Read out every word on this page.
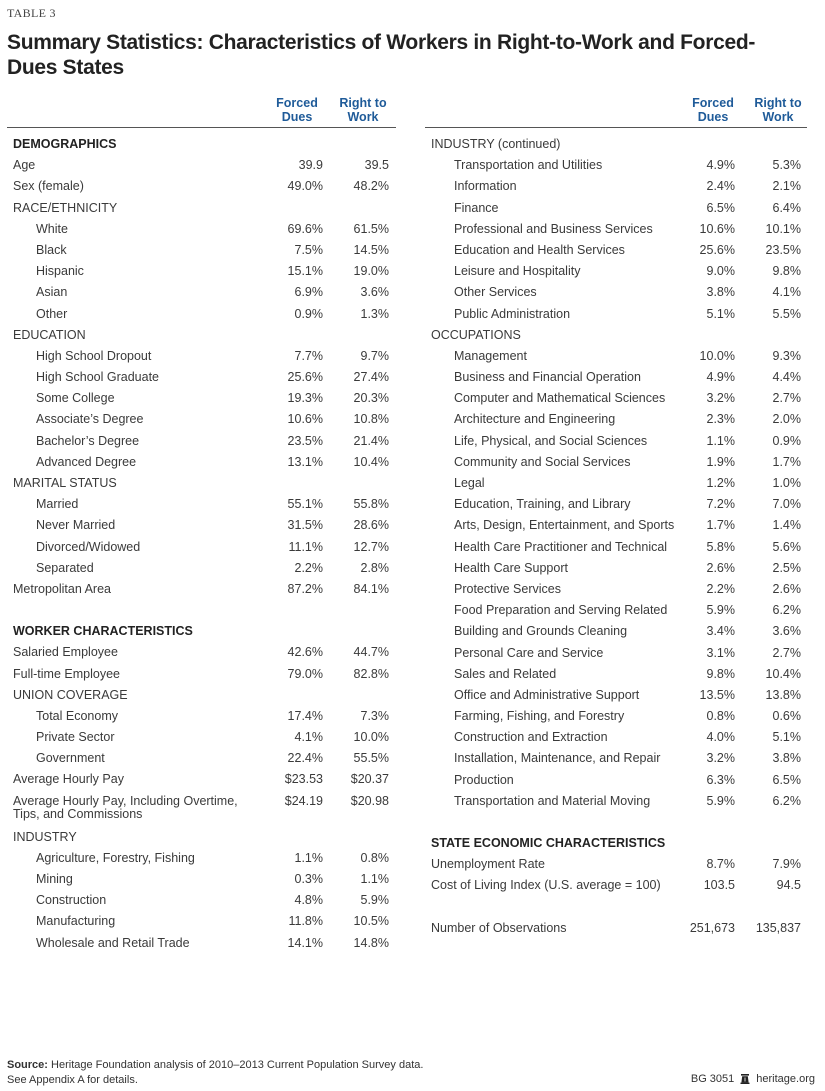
TABLE 3
Summary Statistics: Characteristics of Workers in Right-to-Work and Forced-Dues States
Forced Dues
Right to Work
DEMOGRAPHICS
Age	39.9	39.5
Sex (female)	49.0% 48.2%
RACE/ETHNICITY
White	69.6% 61.5%
Black	7.5% 14.5%
Hispanic	15.1% 19.0%
Asian	6.9%	3.6%
Other	0.9%	1.3%
EDUCATION
High School Dropout	7.7%	9.7%
High School Graduate	25.6% 27.4%
Some College	19.3% 20.3%
Associate’s Degree	10.6% 10.8%
Bachelor’s Degree	23.5% 21.4%
Advanced Degree	13.1% 10.4%
MARITAL STATUS
Married	55.1% 55.8%
Never Married	31.5% 28.6%
Divorced/Widowed	11.1% 12.7%
Separated	2.2%	2.8%
Metropolitan Area	87.2% 84.1%
WORKER CHARACTERISTICS
Salaried Employee	42.6% 44.7%
Full-time Employee	79.0% 82.8%
UNION COVERAGE
Total Economy	17.4%	7.3%
Private Sector	4.1% 10.0%
Government	22.4% 55.5%
Average Hourly Pay	$23.53 $20.37
Average Hourly Pay, Including Overtime, Tips, and Commissions
$24.19 $20.98
INDUSTRY
Agriculture, Forestry, Fishing	1.1%	0.8%
Mining	0.3%	1.1%
Construction	4.8%	5.9%
Manufacturing	11.8% 10.5%
Wholesale and Retail Trade	14.1% 14.8%
Forced Dues
Right to Work
INDUSTRY (continued)
Transportation and Utilities	4.9%	5.3%
Information	2.4%	2.1%
Finance	6.5%	6.4%
Professional and Business Services	10.6% 10.1%
Education and Health Services	25.6% 23.5%
Leisure and Hospitality	9.0%	9.8%
Other Services	3.8%	4.1%
Public Administration	5.1%	5.5%
OCCUPATIONS
Management	10.0%	9.3%
Business and Financial Operation	4.9%	4.4%
Computer and Mathematical Sciences	3.2%	2.7%
Architecture and Engineering	2.3%	2.0%
Life, Physical, and Social Sciences	1.1%	0.9%
Community and Social Services	1.9%	1.7%
Legal	1.2%	1.0%
Education, Training, and Library	7.2%	7.0%
Arts, Design, Entertainment, and Sports	1.7%	1.4%
Health Care Practitioner and Technical	5.8%	5.6%
Health Care Support	2.6%	2.5%
Protective Services	2.2%	2.6%
Food Preparation and Serving Related	5.9%	6.2%
Building and Grounds Cleaning	3.4%	3.6%
Personal Care and Service	3.1%	2.7%
Sales and Related	9.8% 10.4%
Office and Administrative Support	13.5% 13.8%
Farming, Fishing, and Forestry	0.8%	0.6%
Construction and Extraction	4.0%	5.1%
Installation, Maintenance, and Repair	3.2%	3.8%
Production	6.3%	6.5%
Transportation and Material Moving	5.9%	6.2%
STATE ECONOMIC CHARACTERISTICS
Unemployment Rate	8.7%	7.9%
Cost of Living Index (U.S. average = 100)	103.5	94.5
Number of Observations	251,673 135,837
Source: Heritage Foundation analysis of 2010–2013 Current Population Survey data.
See Appendix A for details.	BG 3051 heritage.org
